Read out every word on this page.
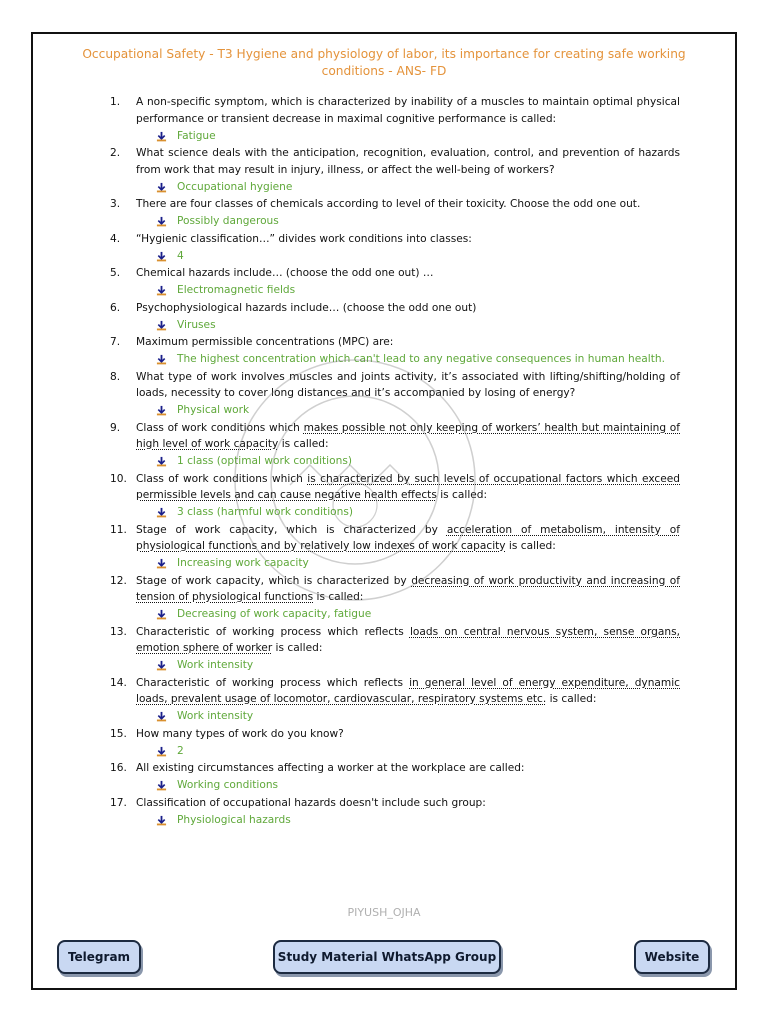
Occupational Safety - T3 Hygiene and physiology of labor, its importance for creating safe working conditions - ANS- FD
1.	A non-specific symptom, which is characterized by inability of a muscles to maintain optimal physical performance or transient decrease in maximal cognitive performance is called:
Fatigue
2.	What science deals with the anticipation, recognition, evaluation, control, and prevention of hazards from work that may result in injury, illness, or affect the well-being of workers?
Occupational hygiene
3.	There are four classes of chemicals according to level of their toxicity. Choose the odd one out.
Possibly dangerous
4.	“Hygienic classification…” divides work conditions into classes:
4
5.	Chemical hazards include… (choose the odd one out) …
Electromagnetic fields
6.	Psychophysiological hazards include… (choose the odd one out)
Viruses
7.	Maximum permissible concentrations (MPC) are:
The highest concentration which can't lead to any negative consequences in human health.
8.	What type of work involves muscles and joints activity, it’s associated with lifting/shifting/holding of loads, necessity to cover long distances and it’s accompanied by losing of energy?
Physical work
9.	Class of work conditions which makes possible not only keeping of workers’ health but maintaining of high level of work capacity is called:
1 class (optimal work conditions)
10. Class of work conditions which is characterized by such levels of occupational factors which exceed permissible levels and can cause negative health effects is called:
3 class (harmful work conditions)
11. Stage of work capacity, which is characterized by acceleration of metabolism, intensity of physiological functions and by relatively low indexes of work capacity is called:
Increasing work capacity
12. Stage of work capacity, which is characterized by decreasing of work productivity and increasing of tension of physiological functions is called:
Decreasing of work capacity, fatigue
13. Characteristic of working process which reflects loads on central nervous system, sense organs, emotion sphere of worker is called:
Work intensity
14. Characteristic of working process which reflects in general level of energy expenditure, dynamic loads, prevalent usage of locomotor, cardiovascular, respiratory systems etc. is called:
Work intensity
15. How many types of work do you know?
2
16. All existing circumstances affecting a worker at the workplace are called:
Working conditions
17. Classification of occupational hazards doesn't include such group:
Physiological hazards
PIYUSH_OJHA
Telegram	Study Material WhatsApp Group	Website
